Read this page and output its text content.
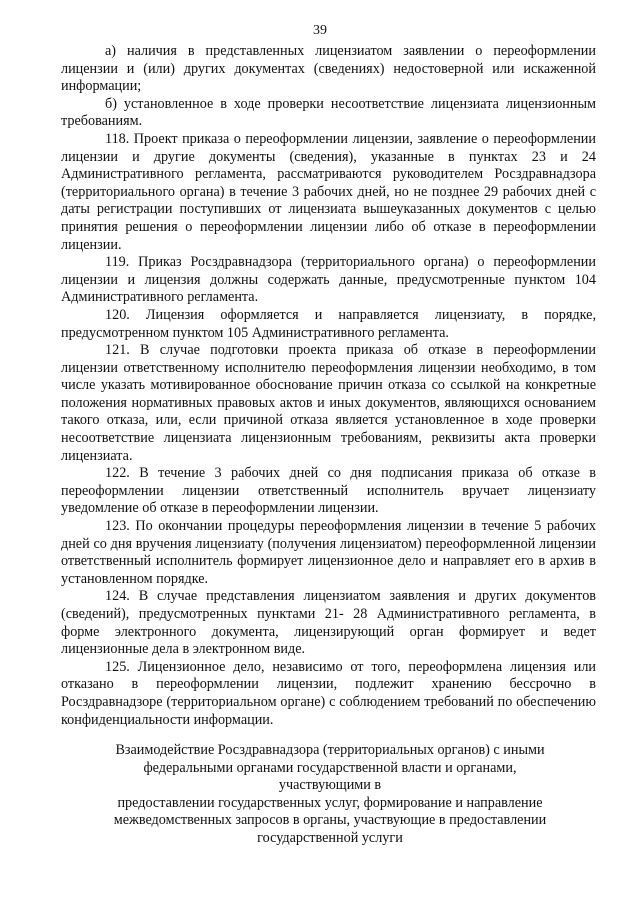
39

а) наличия в представленных лицензиатом заявлении о переоформлении лицензии и (или) других документах (сведениях) недостоверной или искаженной информации;

б) установленное в ходе проверки несоответствие лицензиата лицензионным требованиям.

118. Проект приказа о переоформлении лицензии, заявление о переоформлении лицензии и другие документы (сведения), указанные в пунктах 23 и 24 Административного регламента, рассматриваются руководителем Росздравнадзора (территориального органа) в течение 3 рабочих дней, но не позднее 29 рабочих дней с даты регистрации поступивших от лицензиата вышеуказанных документов с целью принятия решения о переоформлении лицензии либо об отказе в переоформлении лицензии.

119. Приказ Росздравнадзора (территориального органа) о переоформлении лицензии и лицензия должны содержать данные, предусмотренные пунктом 104 Административного регламента.

120. Лицензия оформляется и направляется лицензиату, в порядке, предусмотренном пунктом 105 Административного регламента.

121. В случае подготовки проекта приказа об отказе в переоформлении лицензии ответственному исполнителю переоформления лицензии необходимо, в том числе указать мотивированное обоснование причин отказа со ссылкой на конкретные положения нормативных правовых актов и иных документов, являющихся основанием такого отказа, или, если причиной отказа является установленное в ходе проверки несоответствие лицензиата лицензионным требованиям, реквизиты акта проверки лицензиата.

122. В течение 3 рабочих дней со дня подписания приказа об отказе в переоформлении лицензии ответственный исполнитель вручает лицензиату уведомление об отказе в переоформлении лицензии.

123. По окончании процедуры переоформления лицензии в течение 5 рабочих дней со дня вручения лицензиату (получения лицензиатом) переоформленной лицензии ответственный исполнитель формирует лицензионное дело и направляет его в архив в установленном порядке.

124. В случае представления лицензиатом заявления и других документов (сведений), предусмотренных пунктами 21- 28 Административного регламента, в форме электронного документа, лицензирующий орган формирует и ведет лицензионные дела в электронном виде.

125. Лицензионное дело, независимо от того, переоформлена лицензия или отказано в переоформлении лицензии, подлежит хранению бессрочно в Росздравнадзоре (территориальном органе) с соблюдением требований по обеспечению конфиденциальности информации.

Взаимодействие Росздравнадзора (территориальных органов) с иными

федеральными органами государственной власти и органами, участвующими в

предоставлении государственных услуг, формирование и направление

межведомственных запросов в органы, участвующие в предоставлении

государственной услуги
